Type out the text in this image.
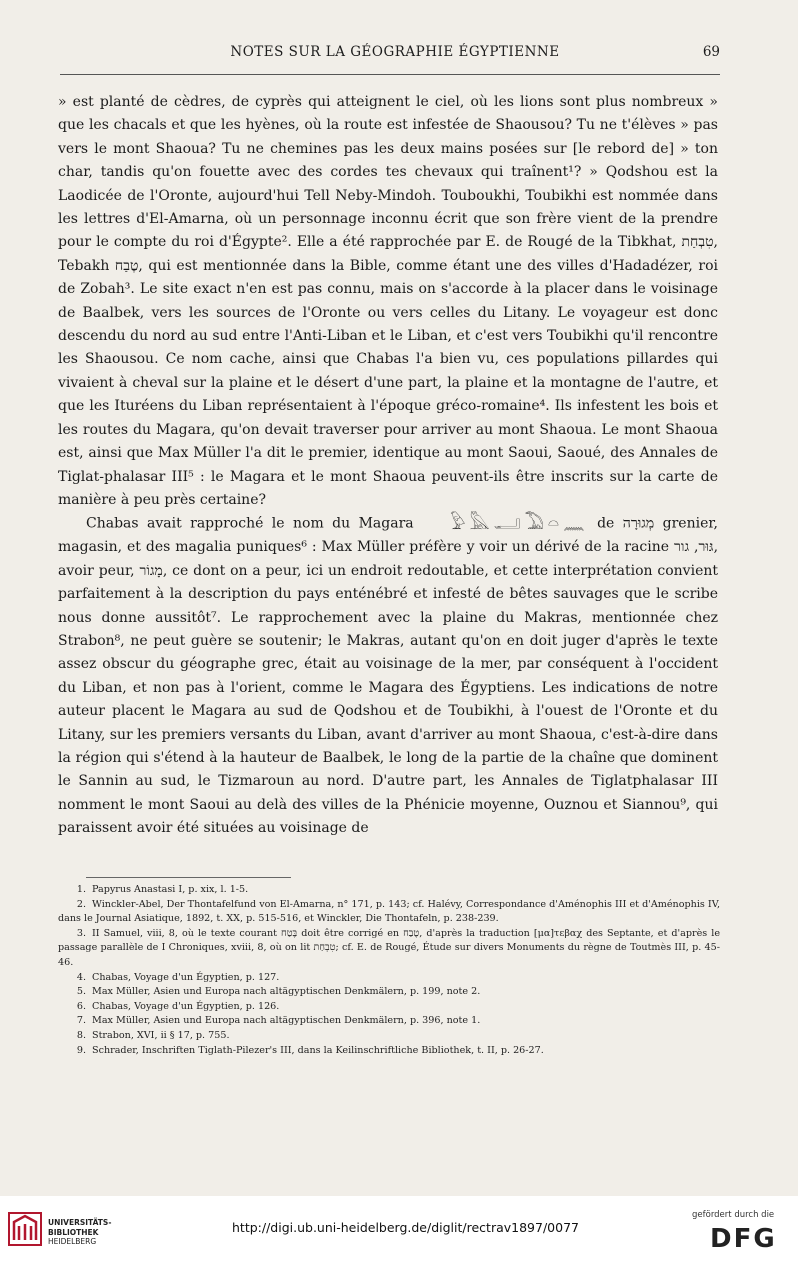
NOTES SUR LA GÉOGRAPHIE ÉGYPTIENNE	69

» est planté de cèdres, de cyprès qui atteignent le ciel, où les lions sont plus nombreux » que les chacals et que les hyènes, où la route est infestée de Shaousou? Tu ne t'élèves » pas vers le mont Shaoua? Tu ne chemines pas les deux mains posées sur [le rebord de] » ton char, tandis qu'on fouette avec des cordes tes chevaux qui traînent¹? » Qodshou est la Laodicée de l'Oronte, aujourd'hui Tell Neby-Mindoh. Touboukhi, Toubikhi est nommée dans les lettres d'El-Amarna, où un personnage inconnu écrit que son frère vient de la prendre pour le compte du roi d'Égypte². Elle a été rapprochée par E. de Rougé de la Tibkhat, טִבְחַת, Tebakh טֶבַח, qui est mentionnée dans la Bible, comme étant une des villes d'Hadadézer, roi de Zobah³. Le site exact n'en est pas connu, mais on s'accorde à la placer dans le voisinage de Baalbek, vers les sources de l'Oronte ou vers celles du Litany. Le voyageur est donc descendu du nord au sud entre l'Anti-Liban et le Liban, et c'est vers Toubikhi qu'il rencontre les Shaousou. Ce nom cache, ainsi que Chabas l'a bien vu, ces populations pillardes qui vivaient à cheval sur la plaine et le désert d'une part, la plaine et la montagne de l'autre, et que les Ituréens du Liban représentaient à l'époque gréco-romaine⁴. Ils infestent les bois et les routes du Magara, qu'on devait traverser pour arriver au mont Shaoua. Le mont Shaoua est, ainsi que Max Müller l'a dit le premier, identique au mont Saoui, Saoué, des Annales de Tiglat-phalasar III⁵ : le Magara et le mont Shaoua peuvent-ils être inscrits sur la carte de manière à peu près certaine?

Chabas avait rapproché le nom du Magara 𓅱𓅓𓂝𓅐𓏏𓈖 de מְגוּרָה grenier, magasin, et des magalia puniques⁶ : Max Müller préfère y voir un dérivé de la racine גּוּר, גור, avoir peur, מָגוֹר, ce dont on a peur, ici un endroit redoutable, et cette interprétation convient parfaitement à la description du pays enténébré et infesté de bêtes sauvages que le scribe nous donne aussitôt⁷. Le rapprochement avec la plaine du Makras, mentionnée chez Strabon⁸, ne peut guère se soutenir; le Makras, autant qu'on en doit juger d'après le texte assez obscur du géographe grec, était au voisinage de la mer, par conséquent à l'occident du Liban, et non pas à l'orient, comme le Magara des Égyptiens. Les indications de notre auteur placent le Magara au sud de Qodshou et de Toubikhi, à l'ouest de l'Oronte et du Litany, sur les premiers versants du Liban, avant d'arriver au mont Shaoua, c'est-à-dire dans la région qui s'étend à la hauteur de Baalbek, le long de la partie de la chaîne que dominent le Sannin au sud, le Tizmaroun au nord. D'autre part, les Annales de Tiglatphalasar III nomment le mont Saoui au delà des villes de la Phénicie moyenne, Ouznou et Siannou⁹, qui paraissent avoir été situées au voisinage de

1. Papyrus Anastasi I, p. xix, l. 1-5.
2. Winckler-Abel, Der Thontafelfund von El-Amarna, n° 171, p. 143; cf. Halévy, Correspondance d'Aménophis III et d'Aménophis IV, dans le Journal Asiatique, 1892, t. XX, p. 515-516, et Winckler, Die Thontafeln, p. 238-239.
3. II Samuel, viii, 8, où le texte courant בֶּטַח doit être corrigé en טֶבַח, d'après la traduction [μα]τεβαχ des Septante, et d'après le passage parallèle de I Chroniques, xviii, 8, où on lit טִבְחַת; cf. E. de Rougé, Étude sur divers Monuments du règne de Toutmès III, p. 45-46.
4. Chabas, Voyage d'un Égyptien, p. 127.
5. Max Müller, Asien und Europa nach altägyptischen Denkmälern, p. 199, note 2.
6. Chabas, Voyage d'un Égyptien, p. 126.
7. Max Müller, Asien und Europa nach altägyptischen Denkmälern, p. 396, note 1.
8. Strabon, XVI, ii § 17, p. 755.
9. Schrader, Inschriften Tiglath-Pilezer's III, dans la Keilinschriftliche Bibliothek, t. II, p. 26-27.
UNIVERSITÄTS-
BIBLIOTHEK
HEIDELBERG
http://digi.ub.uni-heidelberg.de/diglit/rectrav1897/0077
gefördert durch die
DFG
